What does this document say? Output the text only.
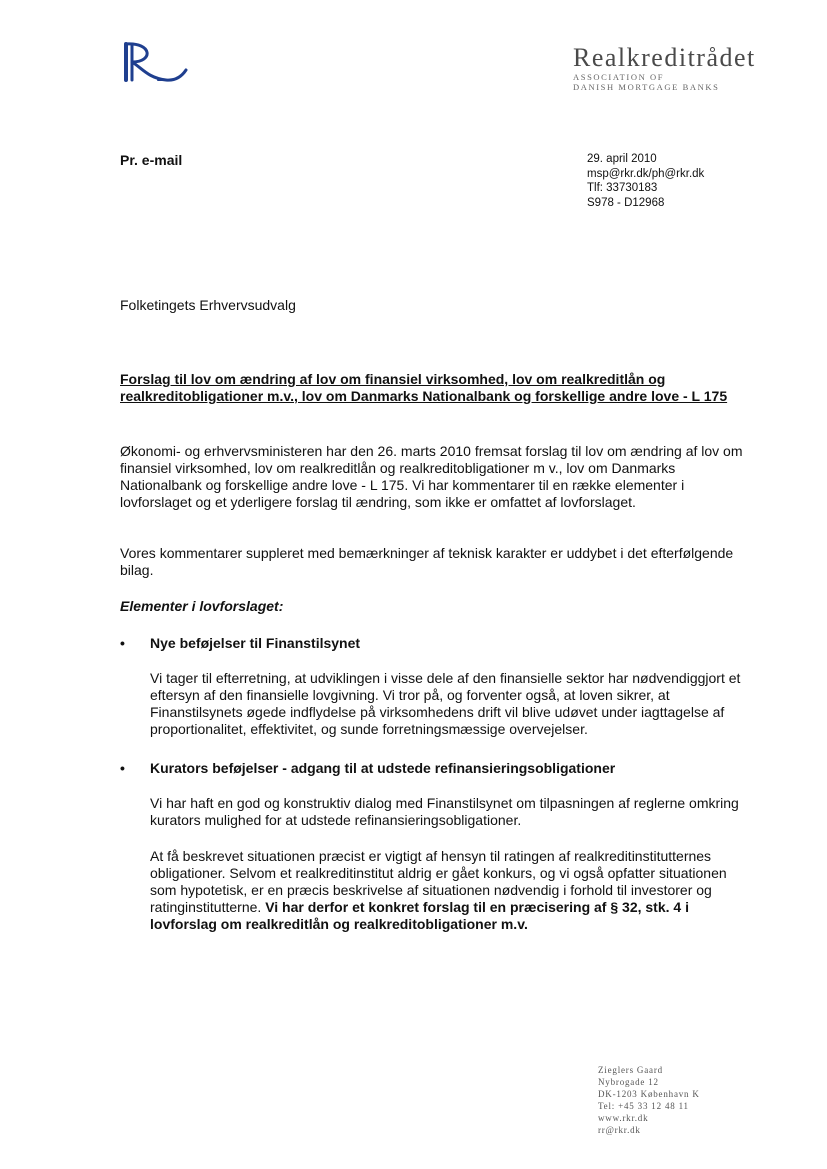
Realkreditrådet
ASSOCIATION OF
DANISH MORTGAGE BANKS
Pr. e-mail	29. april 2010
msp@rkr.dk/ph@rkr.dk
Tlf: 33730183
S978 - D12968
Folketingets Erhvervsudvalg
Forslag til lov om ændring af lov om finansiel virksomhed, lov om realkreditlån og realkreditobligationer m.v., lov om Danmarks Nationalbank og forskellige andre love - L 175
Økonomi- og erhvervsministeren har den 26. marts 2010 fremsat forslag til lov om ændring af lov om finansiel virksomhed, lov om realkreditlån og realkreditobligationer m v., lov om Danmarks Nationalbank og forskellige andre love - L 175. Vi har kommentarer til en række elementer i lovforslaget og et yderligere forslag til ændring, som ikke er omfattet af lovforslaget.
Vores kommentarer suppleret med bemærkninger af teknisk karakter er uddybet i det efterfølgende bilag.
Elementer i lovforslaget:
• Nye beføjelser til Finanstilsynet
Vi tager til efterretning, at udviklingen i visse dele af den finansielle sektor har nødvendiggjort et eftersyn af den finansielle lovgivning. Vi tror på, og forventer også, at loven sikrer, at Finanstilsynets øgede indflydelse på virksomhedens drift vil blive udøvet under iagttagelse af proportionalitet, effektivitet, og sunde forretningsmæssige overvejelser.
• Kurators beføjelser - adgang til at udstede refinansieringsobligationer
Vi har haft en god og konstruktiv dialog med Finanstilsynet om tilpasningen af reglerne omkring kurators mulighed for at udstede refinansieringsobligationer.
At få beskrevet situationen præcist er vigtigt af hensyn til ratingen af realkreditinstitutternes obligationer. Selvom et realkreditinstitut aldrig er gået konkurs, og vi også opfatter situationen som hypotetisk, er en præcis beskrivelse af situationen nødvendig i forhold til investorer og ratinginstitutterne. Vi har derfor et konkret forslag til en præcisering af § 32, stk. 4 i lovforslag om realkreditlån og realkreditobligationer m.v.
Zieglers Gaard
Nybrogade 12
DK-1203 København K
Tel: +45 33 12 48 11
www.rkr.dk
rr@rkr.dk
